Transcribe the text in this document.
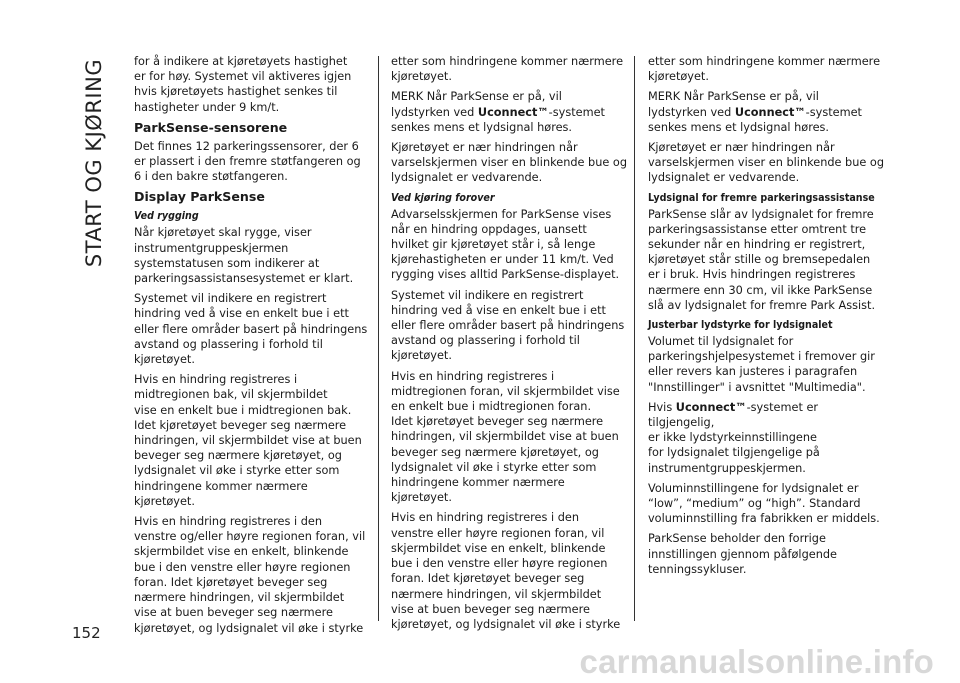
START OG KJØRING for å indikere at kjøretøyets hastighet
er for høy. Systemet vil aktiveres igjen
hvis kjøretøyets hastighet senkes til
hastigheter under 9 km/t.

ParkSense-sensorene

Det finnes 12 parkeringssensorer, der 6
er plassert i den fremre støtfangeren og
6 i den bakre støtfangeren.

Display ParkSense
Ved rygging

Når kjøretøyet skal rygge, viser
instrumentgruppeskjermen
systemstatusen som indikerer at
parkeringsassistansesystemet er klart.

Systemet vil indikere en registrert
hindring ved å vise en enkelt bue i ett
eller flere områder basert på hindringens
avstand og plassering i forhold til
kjøretøyet.

Hvis en hindring registreres i
midtregionen bak, vil skjermbildet
vise en enkelt bue i midtregionen bak.
Idet kjøretøyet beveger seg nærmere
hindringen, vil skjermbildet vise at buen
beveger seg nærmere kjøretøyet, og
lydsignalet vil øke i styrke etter som
hindringene kommer nærmere kjøretøyet.

Hvis en hindring registreres i den
venstre og/eller høyre regionen foran, vil
skjermbildet vise en enkelt, blinkende
bue i den venstre eller høyre regionen
foran. Idet kjøretøyet beveger seg
nærmere hindringen, vil skjermbildet
vise at buen beveger seg nærmere
kjøretøyet, og lydsignalet vil øke i styrke

etter som hindringene kommer nærmere
kjøretøyet.

MERK Når ParkSense er på, vil
lydstyrken ved Uconnect™-systemet
senkes mens et lydsignal høres.

Kjøretøyet er nær hindringen når
varselskjermen viser en blinkende bue og
lydsignalet er vedvarende.

Ved kjøring forover

Advarselsskjermen for ParkSense vises
når en hindring oppdages, uansett
hvilket gir kjøretøyet står i, så lenge
kjørehastigheten er under 11 km/t. Ved
rygging vises alltid ParkSense-displayet.

Systemet vil indikere en registrert
hindring ved å vise en enkelt bue i ett
eller flere områder basert på hindringens
avstand og plassering i forhold til
kjøretøyet.

Hvis en hindring registreres i
midtregionen foran, vil skjermbildet vise
en enkelt bue i midtregionen foran.
Idet kjøretøyet beveger seg nærmere
hindringen, vil skjermbildet vise at buen
beveger seg nærmere kjøretøyet, og
lydsignalet vil øke i styrke etter som
hindringene kommer nærmere kjøretøyet.

Hvis en hindring registreres i den
venstre eller høyre regionen foran, vil
skjermbildet vise en enkelt, blinkende
bue i den venstre eller høyre regionen
foran. Idet kjøretøyet beveger seg
nærmere hindringen, vil skjermbildet
vise at buen beveger seg nærmere
kjøretøyet, og lydsignalet vil øke i styrke

etter som hindringene kommer nærmere
kjøretøyet.

MERK Når ParkSense er på, vil
lydstyrken ved Uconnect™-systemet
senkes mens et lydsignal høres.

Kjøretøyet er nær hindringen når
varselskjermen viser en blinkende bue og
lydsignalet er vedvarende.

Lydsignal for fremre parkeringsassistanse

ParkSense slår av lydsignalet for fremre
parkeringsassistanse etter omtrent tre
sekunder når en hindring er registrert,
kjøretøyet står stille og bremsepedalen
er i bruk. Hvis hindringen registreres
nærmere enn 30 cm, vil ikke ParkSense
slå av lydsignalet for fremre Park Assist.

Justerbar lydstyrke for lydsignalet

Volumet til lydsignalet for
parkeringshjelpesystemet i fremover gir
eller revers kan justeres i paragrafen
"Innstillinger" i avsnittet "Multimedia".

Hvis Uconnect™-systemet er tilgjengelig,
er ikke lydstyrkeinnstillingene
for lydsignalet tilgjengelige på
instrumentgruppeskjermen.

Voluminnstillingene for lydsignalet er
“low”, “medium” og “high”. Standard
voluminnstilling fra fabrikken er middels.

ParkSense beholder den forrige
innstillingen gjennom påfølgende
tenningssykluser.

152
carmanualsonline.info
